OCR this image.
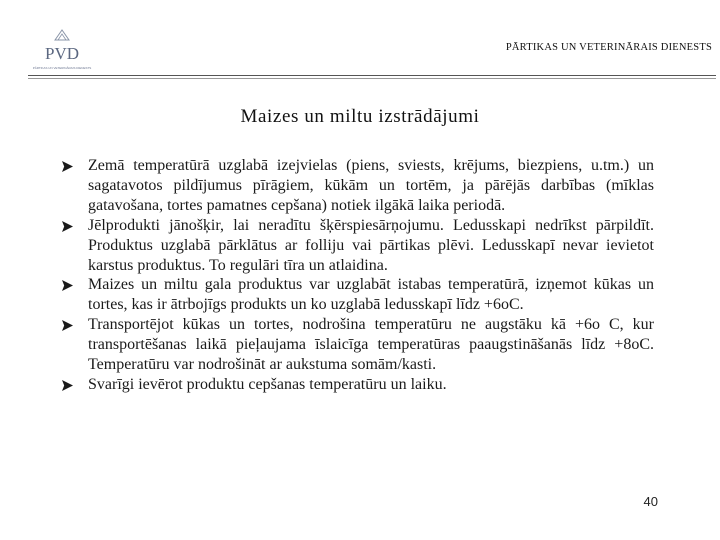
PVD
PĀRTIKAS UN VETERINĀRAIS DIENESTS
PĀRTIKAS UN VETERINĀRAIS DIENESTS
Maizes un miltu izstrādājumi
Zemā temperatūrā uzglabā izejvielas (piens, sviests, krējums, biezpiens, u.tm.) un sagatavotos pildījumus pīrāgiem, kūkām un tortēm, ja pārējās darbības (mīklas gatavošana, tortes pamatnes cepšana) notiek ilgākā laika periodā.
Jēlprodukti jānošķir, lai neradītu šķērspiesārņojumu. Ledusskapi nedrīkst pārpildīt. Produktus uzglabā pārklātus ar folliju vai pārtikas plēvi. Ledusskapī nevar ievietot karstus produktus. To regulāri tīra un atlaidina.
Maizes un miltu gala produktus var uzglabāt istabas temperatūrā, izņemot kūkas un tortes, kas ir ātrbojīgs produkts un ko uzglabā ledusskapī līdz +6oC.
Transportējot kūkas un tortes, nodrošina temperatūru ne augstāku kā +6o C, kur transportēšanas laikā pieļaujama īslaicīga temperatūras paaugstināšanās līdz +8oC. Temperatūru var nodrošināt ar aukstuma somām/kasti.
Svarīgi ievērot produktu cepšanas temperatūru un laiku.
40
